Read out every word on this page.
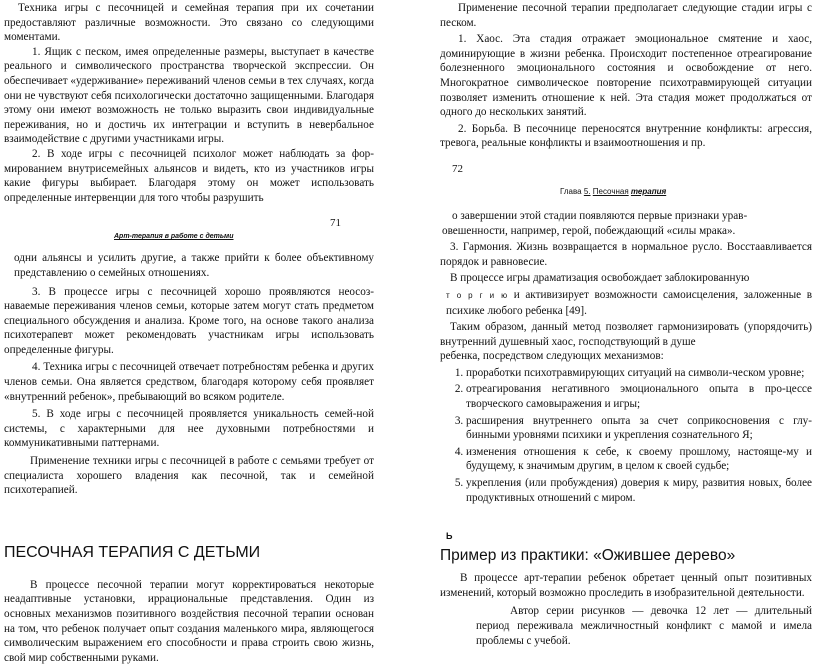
Техника игры с песочницей и семейная терапия при их сочетании предоставляют различные возможности. Это связано со следующими моментами.

1. Ящик с песком, имея определенные размеры, выступает в качестве реального и символического пространства творческой экспрессии. Он обеспечивает «удерживание» переживаний членов семьи в тех случаях, когда они не чувствуют себя психологически достаточно защищенными. Благодаря этому они имеют возможность не только выразить свои индивидуальные переживания, но и достичь их интеграции и вступить в невербальное взаимодействие с другими участниками игры.

2. В ходе игры с песочницей психолог может наблюдать за фор-мированием внутрисемейных альянсов и видеть, кто из участников игры какие фигуры выбирает. Благодаря этому он может использовать определенные интервенции для того чтобы разрушить

Арт-терапия в работе с детьми
71

одни альянсы и усилить другие, а также прийти к более объективному представлению о семейных отношениях.

3. В процессе игры с песочницей хорошо проявляются неосоз-наваемые переживания членов семьи, которые затем могут стать предметом специального обсуждения и анализа. Кроме того, на основе такого анализа психотерапевт может рекомендовать участникам игры использовать определенные фигуры.

4. Техника игры с песочницей отвечает потребностям ребенка и других членов семьи. Она является средством, благодаря которому себя проявляет «внутренний ребенок», пребывающий во всяком родителе.

5. В ходе игры с песочницей проявляется уникальность семей-ной системы, с характерными для нее духовными потребностями и коммуникативными паттернами.

Применение техники игры с песочницей в работе с семьями требует от специалиста хорошего владения как песочной, так и семейной психотерапией.

ПЕСОЧНАЯ ТЕРАПИЯ С ДЕТЬМИ

В процессе песочной терапии могут корректироваться некоторые неадаптивные установки, иррациональные представления. Один из основных механизмов позитивного воздействия песочной терапии основан на том, что ребенок получает опыт создания маленького мира, являющегося символическим выражением его способности и права строить свою жизнь, свой мир собственными руками.

Применение песочной терапии предполагает следующие стадии игры с песком.

1. Хаос. Эта стадия отражает эмоциональное смятение и хаос, доминирующие в жизни ребенка. Происходит постепенное отреагирование болезненного эмоционального состояния и освобождение от него. Многократное символическое повторение психотравмирующей ситуации позволяет изменить отношение к ней. Эта стадия может продолжаться от одного до нескольких занятий.

2. Борьба. В песочнице переносятся внутренние конфликты: агрессия, тревога, реальные конфликты и взаимоотношения и пр.

72
Глава 5. Песочная терапия

о завершении этой стадии появляются первые признаки урав-

овешенности, например, герой, побеждающий «силы мрака».

3. Гармония. Жизнь возвращается в нормальное русло. Восстаавливается порядок и равновесие.

В процессе игры драматизация освобождает заблокированную

т о р г и ю и активизирует возможности самоисцеления, заложенные в психике любого ребенка [49].

Таким образом, данный метод позволяет гармонизировать (упорядочить) внутренний душевный хаос, господствующий в душе

ребенка, посредством следующих механизмов:

1. проработки психотравмирующих ситуаций на символи-ческом уровне;
2. отреагирования негативного эмоционального опыта в про-цессе творческого самовыражения и игры;
3. расширения внутреннего опыта за счет соприкосновения с глу-бинными уровнями психики и укрепления сознательного Я;
4. изменения отношения к себе, к своему прошлому, настояще-му и будущему, к значимым другим, в целом к своей судьбе;
5. укрепления (или пробуждения) доверия к миру, развития новых, более продуктивных отношений с миром.
Ь
Пример из практики: «Ожившее дерево»

В процессе арт-терапии ребенок обретает ценный опыт позитивных изменений, который возможно проследить в изобразительной деятельности.

Автор серии рисунков — девочка 12 лет — длительный период переживала межличностный конфликт с мамой и имела проблемы с учебой.
